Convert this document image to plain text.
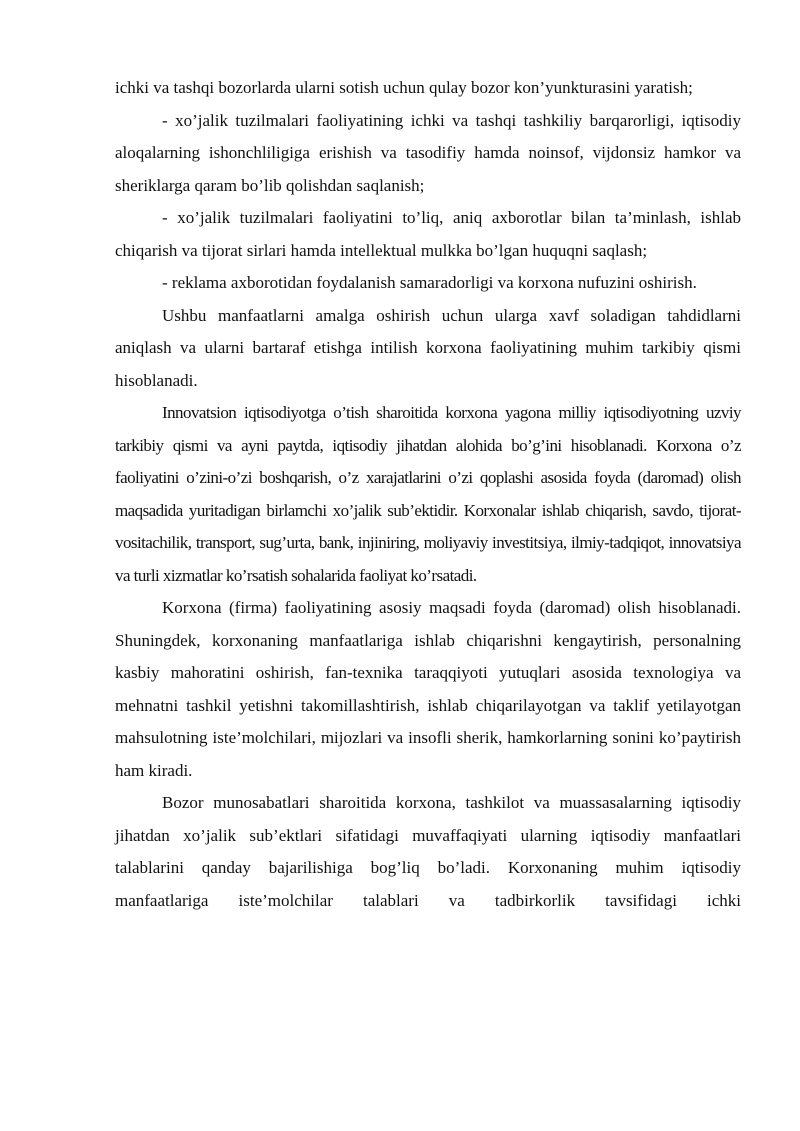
ichki va tashqi bozorlarda ularni sotish uchun qulay bozor kon’yunkturasini yaratish;

- xo’jalik tuzilmalari faoliyatining ichki va tashqi tashkiliy barqarorligi, iqtisodiy aloqalarning ishonchliligiga erishish va tasodifiy hamda noinsof, vijdonsiz hamkor va sheriklarga qaram bo’lib qolishdan saqlanish;

- xo’jalik tuzilmalari faoliyatini to’liq, aniq axborotlar bilan ta’minlash, ishlab chiqarish va tijorat sirlari hamda intellektual mulkka bo’lgan huquqni saqlash;

- reklama axborotidan foydalanish samaradorligi va korxona nufuzini oshirish.

Ushbu manfaatlarni amalga oshirish uchun ularga xavf soladigan tahdidlarni aniqlash va ularni bartaraf etishga intilish korxona faoliyatining muhim tarkibiy qismi hisoblanadi.

Innovatsion iqtisodiyotga o’tish sharoitida korxona yagona milliy iqtisodiyotning uzviy tarkibiy qismi va ayni paytda, iqtisodiy jihatdan alohida bo’g’ini hisoblanadi. Korxona o’z faoliyatini o’zini-o’zi boshqarish, o’z xarajatlarini o’zi qoplashi asosida foyda (daromad) olish maqsadida yuritadigan birlamchi xo’jalik sub’ektidir. Korxonalar ishlab chiqarish, savdo, tijorat-vositachilik, transport, sug’urta, bank, injiniring, moliyaviy investitsiya, ilmiy-tadqiqot, innovatsiya va turli xizmatlar ko’rsatish sohalarida faoliyat ko’rsatadi.

Korxona (firma) faoliyatining asosiy maqsadi foyda (daromad) olish hisoblanadi. Shuningdek, korxonaning manfaatlariga ishlab chiqarishni kengaytirish, personalning kasbiy mahoratini oshirish, fan-texnika taraqqiyoti yutuqlari asosida texnologiya va mehnatni tashkil yetishni takomillashtirish, ishlab chiqarilayotgan va taklif yetilayotgan mahsulotning iste’molchilari, mijozlari va insofli sherik, hamkorlarning sonini ko’paytirish ham kiradi.

Bozor munosabatlari sharoitida korxona, tashkilot va muassasalarning iqtisodiy jihatdan xo’jalik sub’ektlari sifatidagi muvaffaqiyati ularning iqtisodiy manfaatlari talablarini qanday bajarilishiga bog’liq bo’ladi. Korxonaning muhim iqtisodiy manfaatlariga iste’molchilar talablari va tadbirkorlik tavsifidagi ichki
